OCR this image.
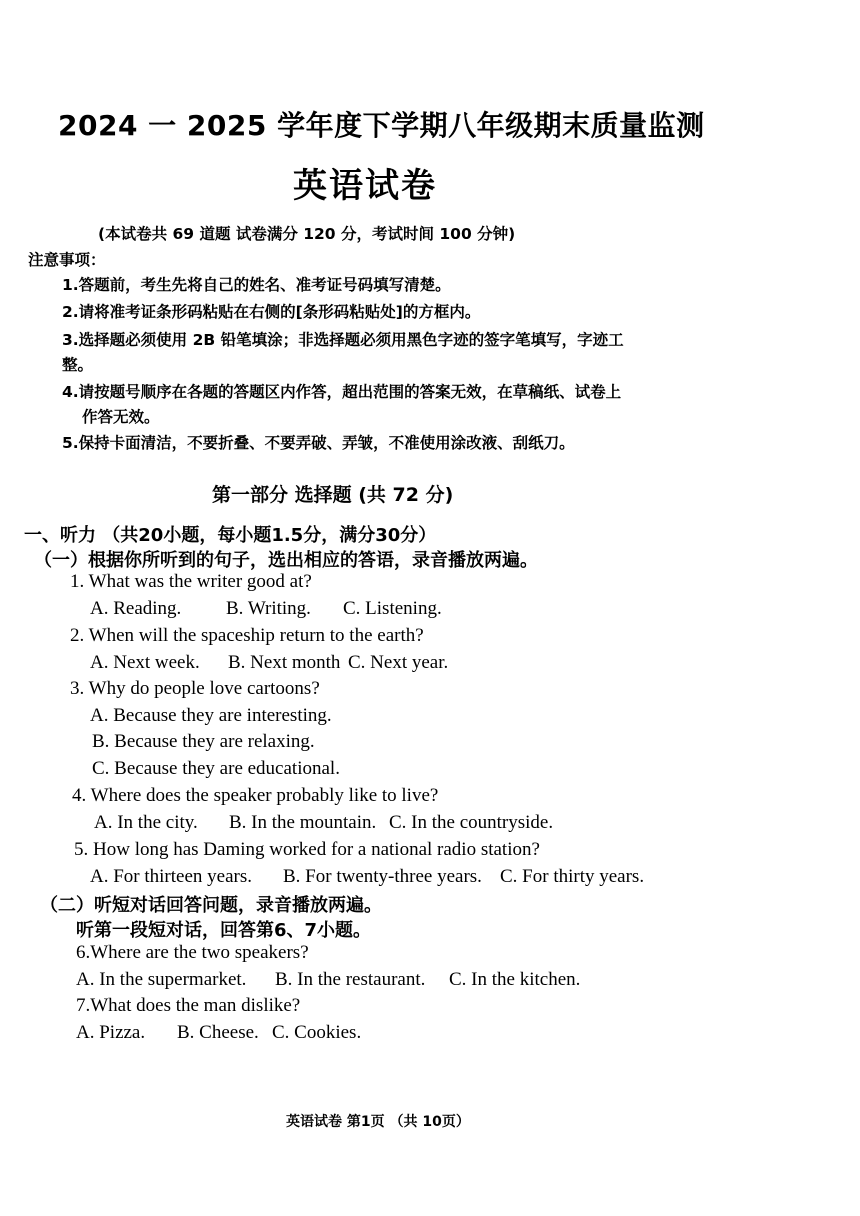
2024 一 2025 学年度下学期八年级期末质量监测
英语试卷
(本试卷共 69 道题 试卷满分 120 分，考试时间 100 分钟)
注意事项：
1.答题前，考生先将自己的姓名、准考证号码填写清楚。
2.请将准考证条形码粘贴在右侧的[条形码粘贴处]的方框内。
3.选择题必须使用 2B 铅笔填涂；非选择题必须用黑色字迹的签字笔填写，字迹工
整。
4.请按题号顺序在各题的答题区内作答，超出范围的答案无效，在草稿纸、试卷上
作答无效。
5.保持卡面清洁，不要折叠、不要弄破、弄皱，不准使用涂改液、刮纸刀。
第一部分 选择题 (共 72 分)
一、听力 （共20小题，每小题1.5分，满分30分）
（一）根据你所听到的句子，选出相应的答语，录音播放两遍。
1. What was the writer good at?
A. Reading. B. Writing. C. Listening.
2. When will the spaceship return to the earth?
A. Next week. B. Next month C. Next year.
3. Why do people love cartoons?
A. Because they are interesting.
B. Because they are relaxing.
C. Because they are educational.
4. Where does the speaker probably like to live?
A. In the city. B. In the mountain. C. In the countryside.
5. How long has Daming worked for a national radio station?
A. For thirteen years. B. For twenty-three years. C. For thirty years.
（二）听短对话回答问题，录音播放两遍。
听第一段短对话，回答第6、7小题。
6.Where are the two speakers?
A. In the supermarket. B. In the restaurant. C. In the kitchen.
7.What does the man dislike?
A. Pizza. B. Cheese. C. Cookies.
英语试卷 第1页 （共 10页）
